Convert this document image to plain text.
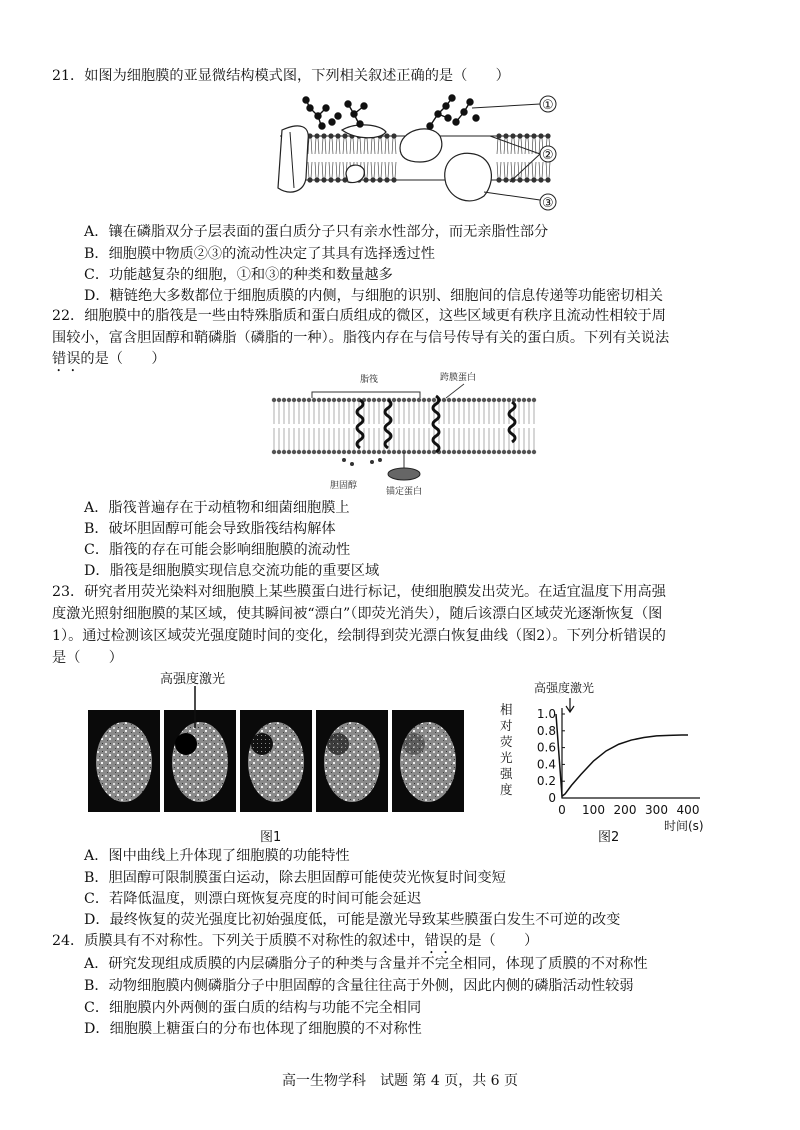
21．如图为细胞膜的亚显微结构模式图，下列相关叙述正确的是（　　）
①
②
③
A．镶在磷脂双分子层表面的蛋白质分子只有亲水性部分，而无亲脂性部分
B．细胞膜中物质②③的流动性决定了其具有选择透过性
C．功能越复杂的细胞，①和③的种类和数量越多
D．糖链绝大多数都位于细胞质膜的内侧，与细胞的识别、细胞间的信息传递等功能密切相关
22．细胞膜中的脂筏是一些由特殊脂质和蛋白质组成的微区，这些区域更有秩序且流动性相较于周
围较小，富含胆固醇和鞘磷脂（磷脂的一种）。脂筏内存在与信号传导有关的蛋白质。下列有关说法
错误的是（　　）
脂筏	跨膜蛋白
胆固醇
锚定蛋白
A．脂筏普遍存在于动植物和细菌细胞膜上
B．破坏胆固醇可能会导致脂筏结构解体
C．脂筏的存在可能会影响细胞膜的流动性
D．脂筏是细胞膜实现信息交流功能的重要区域
23．研究者用荧光染料对细胞膜上某些膜蛋白进行标记，使细胞膜发出荧光。在适宜温度下用高强
度激光照射细胞膜的某区域，使其瞬间被“漂白”（即荧光消失），随后该漂白区域荧光逐渐恢复（图
1）。通过检测该区域荧光强度随时间的变化，绘制得到荧光漂白恢复曲线（图2）。下列分析错误的
是（　　）
高强度激光
图1
高强度激光
相
对
荧
光
强
度
0
0.2
0.4
0.6
0.8
1.0
0 100 200 300 400
时间(s)
图2
A．图中曲线上升体现了细胞膜的功能特性
B．胆固醇可限制膜蛋白运动，除去胆固醇可能使荧光恢复时间变短
C．若降低温度，则漂白斑恢复亮度的时间可能会延迟
D．最终恢复的荧光强度比初始强度低，可能是激光导致某些膜蛋白发生不可逆的改变
24．质膜具有不对称性。下列关于质膜不对称性的叙述中，错误的是（　　）
A．研究发现组成质膜的内层磷脂分子的种类与含量并不完全相同，体现了质膜的不对称性
B．动物细胞膜内侧磷脂分子中胆固醇的含量往往高于外侧，因此内侧的磷脂活动性较弱
C．细胞膜内外两侧的蛋白质的结构与功能不完全相同
D．细胞膜上糖蛋白的分布也体现了细胞膜的不对称性
高一生物学科　试题 第 4 页，共 6 页
